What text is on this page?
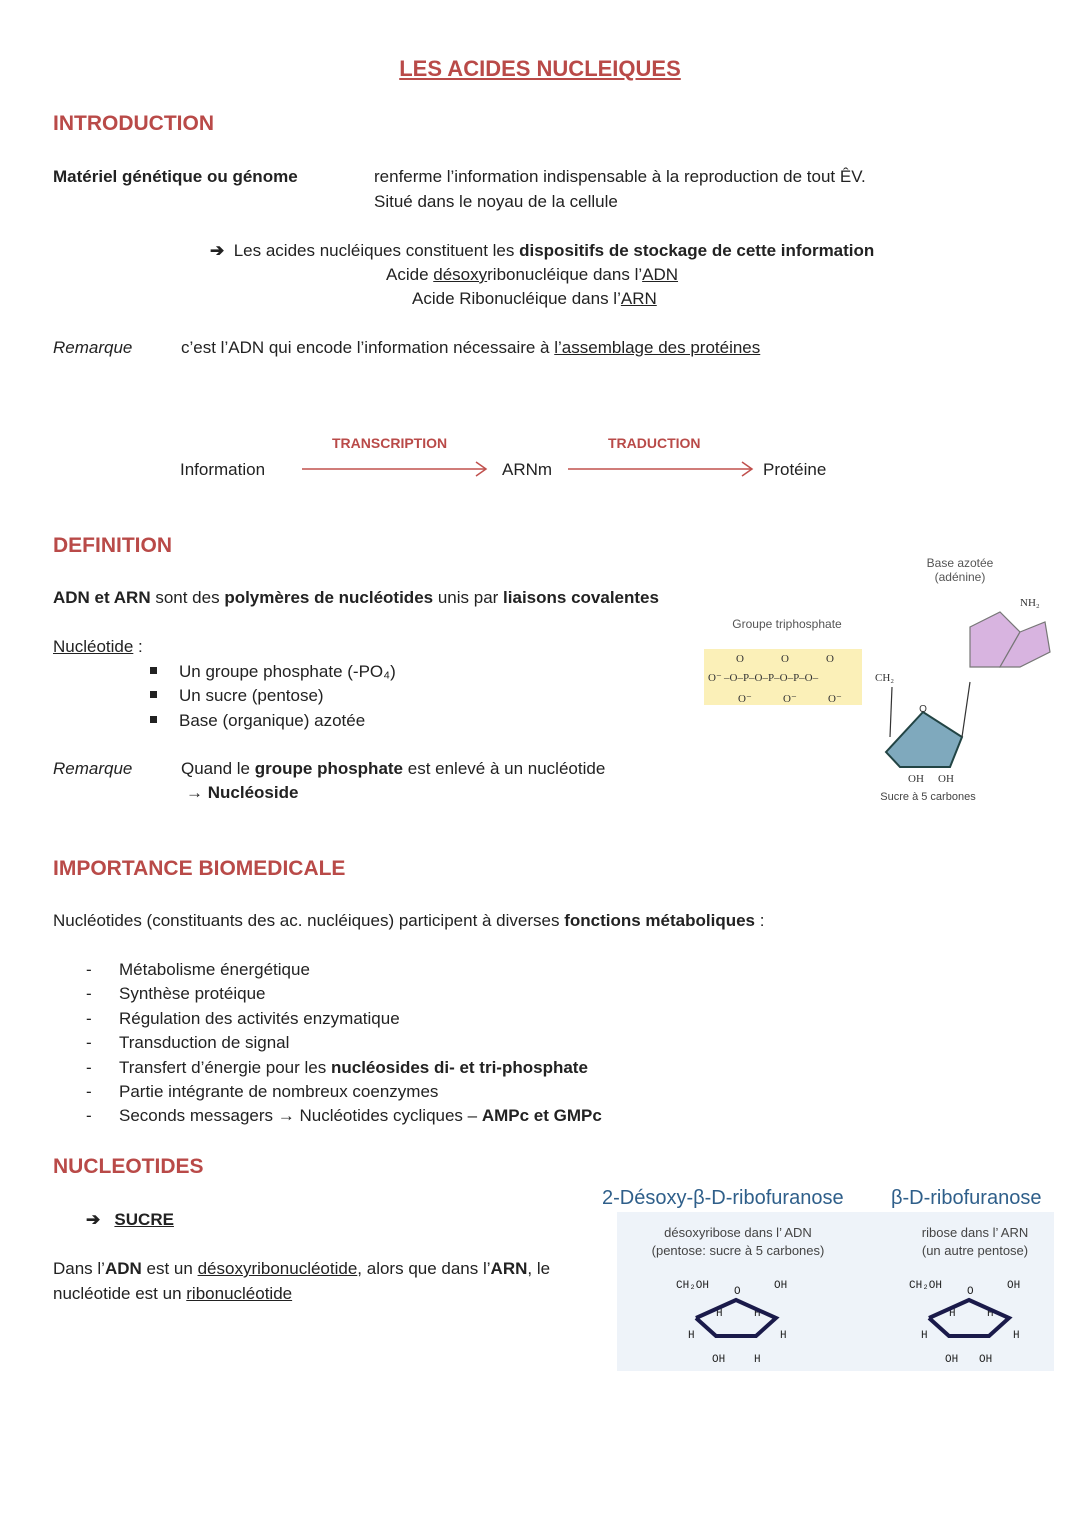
LES ACIDES NUCLEIQUES
INTRODUCTION
Matériel génétique ou génome	renferme l’information indispensable à la reproduction de tout ÊV.
Situé dans le noyau de la cellule
➔ Les acides nucléiques constituent les dispositifs de stockage de cette information
Acide désoxyribonucléique dans l’ADN
Acide Ribonucléique dans l’ARN
Remarque	c’est l’ADN qui encode l’information nécessaire à l’assemblage des protéines
Information
TRANSCRIPTION
ARNm
TRADUCTION
Protéine
DEFINITION
ADN et ARN sont des polymères de nucléotides unis par liaisons covalentes
Nucléotide :
Un groupe phosphate (-PO₄)
Un sucre (pentose)
Base (organique) azotée
Remarque	Quand le groupe phosphate est enlevé à un nucléotide
→ Nucléoside
Base azotée
(adénine)
Groupe triphosphate
O	O	O
O⁻ –O–P–O–P–O–P–O–
O⁻	O⁻	O⁻
CH₂
O
NH₂
OH OH
Sucre à 5 carbones
IMPORTANCE BIOMEDICALE
Nucléotides (constituants des ac. nucléiques) participent à diverses fonctions métaboliques :
- Métabolisme énergétique
- Synthèse protéique
- Régulation des activités enzymatique
- Transduction de signal
- Transfert d’énergie pour les nucléosides di- et tri-phosphate
- Partie intégrante de nombreux coenzymes
- Seconds messagers → Nucléotides cycliques – AMPc et GMPc
NUCLEOTIDES
➔ SUCRE
Dans l’ADN est un désoxyribonucléotide, alors que dans l’ARN, le
nucléotide est un ribonucléotide
2-Désoxy-β-D-ribofuranose β-D-ribofuranose
désoxyribose dans l’ ADN
(pentose: sucre à 5 carbones)
ribose dans l’ ARN
(un autre pentose)
CH₂OH O	OH
H	H
H	H
OH	H
CH₂OH O	OH
H	H
H	H
OH OH
